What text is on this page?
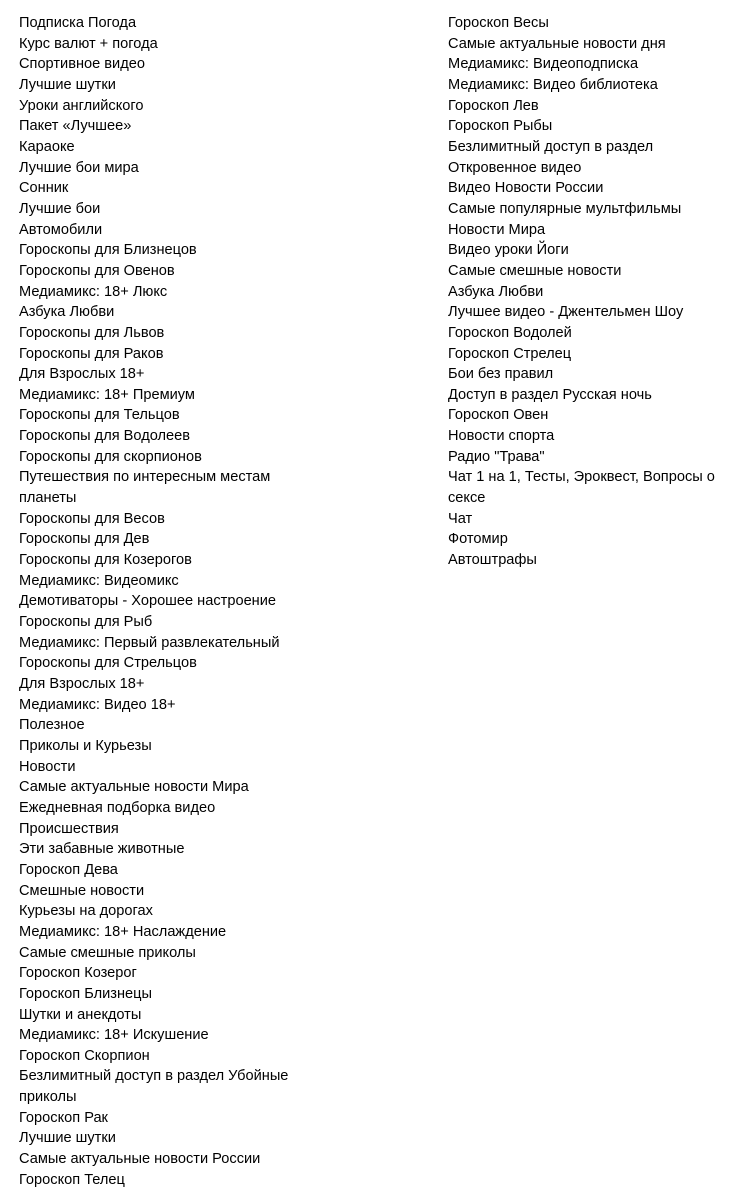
Подписка Погода
Курс валют + погода
Спортивное видео
Лучшие шутки
Уроки английского
Пакет «Лучшее»
Караоке
Лучшие бои мира
Сонник
Лучшие бои
Автомобили
Гороскопы для Близнецов
Гороскопы для Овенов
Медиамикс: 18+ Люкс
Азбука Любви
Гороскопы для Львов
Гороскопы для Раков
Для Взрослых 18+
Медиамикс: 18+ Премиум
Гороскопы для Тельцов
Гороскопы для Водолеев
Гороскопы для скорпионов
Путешествия по интересным местам планеты
Гороскопы для Весов
Гороскопы для Дев
Гороскопы для Козерогов
Медиамикс: Видеомикс
Демотиваторы - Хорошее настроение
Гороскопы для Рыб
Медиамикс: Первый развлекательный
Гороскопы для Стрельцов
Для Взрослых 18+
Медиамикс: Видео 18+
Полезное
Приколы и Курьезы
Новости
Самые актуальные новости Мира
Ежедневная подборка видео
Происшествия
Эти забавные животные
Гороскоп Дева
Смешные новости
Курьезы на дорогах
Медиамикс: 18+ Наслаждение
Самые смешные приколы
Гороскоп Козерог
Гороскоп Близнецы
Шутки и анекдоты
Медиамикс: 18+ Искушение
Гороскоп Скорпион
Безлимитный доступ в раздел Убойные приколы
Гороскоп Рак
Лучшие шутки
Самые актуальные новости России
Гороскоп Телец
Гороскоп Весы
Самые актуальные новости дня
Медиамикс: Видеоподписка
Медиамикс: Видео библиотека
Гороскоп Лев
Гороскоп Рыбы
Безлимитный доступ в раздел
Откровенное видео
Видео Новости России
Самые популярные мультфильмы
Новости Мира
Видео уроки Йоги
Самые смешные новости
Азбука Любви
Лучшее видео - Джентельмен Шоу
Гороскоп Водолей
Гороскоп Стрелец
Бои без правил
Доступ в раздел Русская ночь
Гороскоп Овен
Новости спорта
Радио "Трава"
Чат 1 на 1, Тесты, Эроквест, Вопросы о сексе
Чат
Фотомир
Автоштрафы
